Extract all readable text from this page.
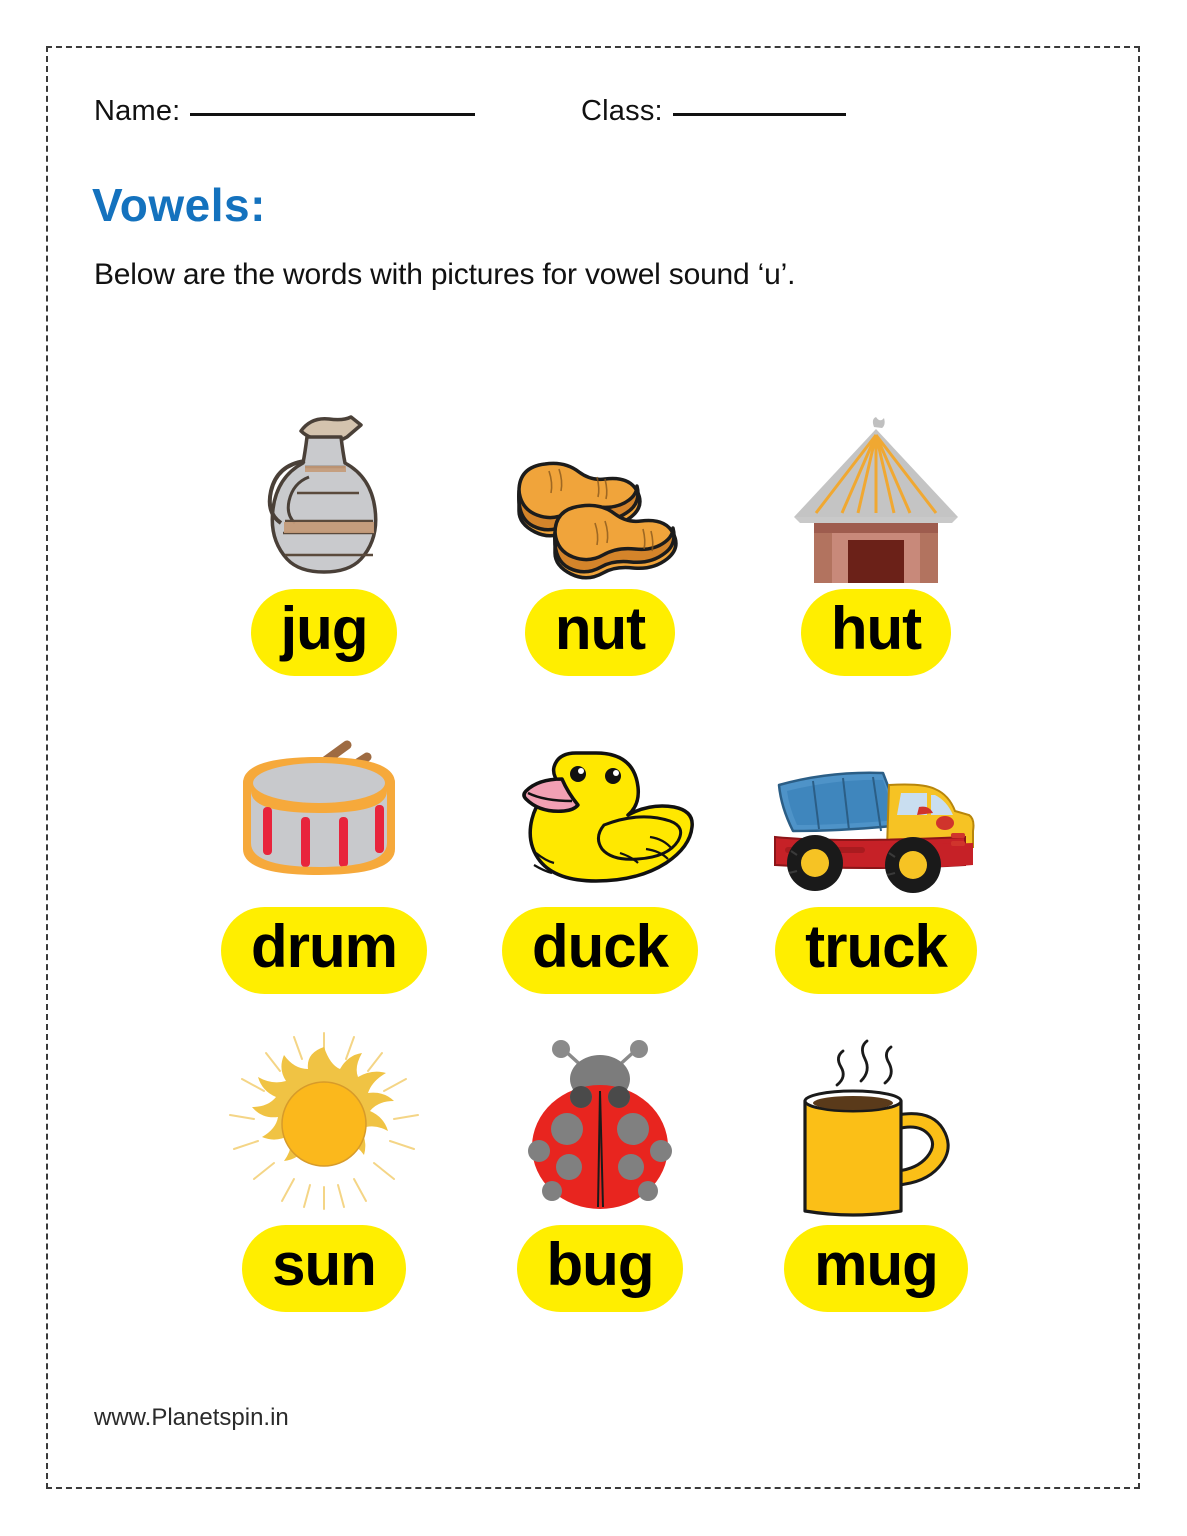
Name:	Class:
Vowels:
Below are the words with pictures for vowel sound ‘u’.
jug	nut	hut
drum	duck	truck
sun	bug	mug
www.Planetspin.in
